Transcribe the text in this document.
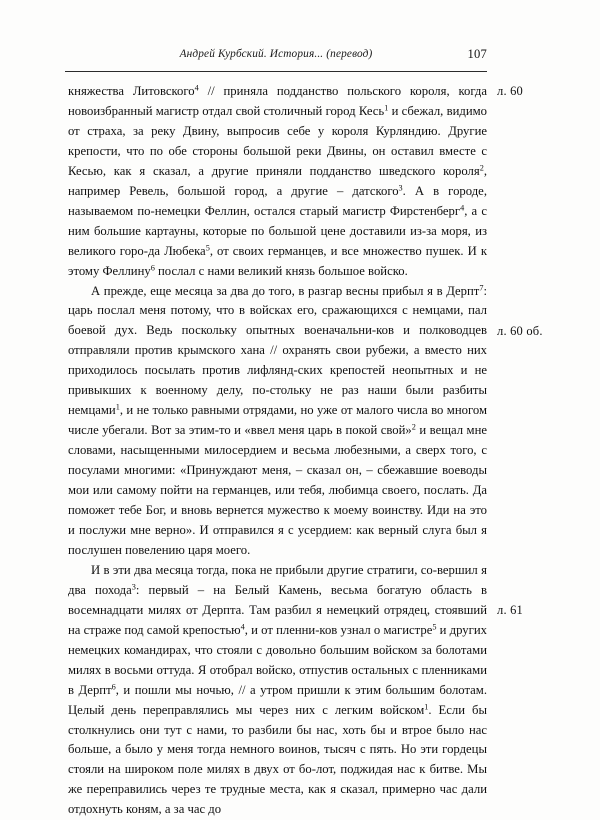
Андрей Курбский. История... (перевод)	107

княжества Литовского$^4$ // приняла подданство польского короля, когда новоизбранный магистр отдал свой столичный город Кесь$^1$ и сбежал, видимо от страха, за реку Двину, выпросив себе у короля Курляндию. Другие крепости, что по обе стороны большой реки Двины, он оставил вместе с Кесью, как я сказал, а другие приняли подданство шведского короля$^2$, например Ревель, большой город, а другие – датского$^3$. А в городе, называемом по-немецки Феллин, остался старый магистр Фирстенберг$^4$, а с ним большие картауны, которые по большой цене доставили из-за моря, из великого горо-да Любека$^5$, от своих германцев, и все множество пушек. И к этому Феллину$^6$ послал с нами великий князь большое войско.

А прежде, еще месяца за два до того, в разгар весны прибыл я в Дерпт$^7$: царь послал меня потому, что в войсках его, сражающихся с немцами, пал боевой дух. Ведь поскольку опытных военачальни-ков и полководцев отправляли против крымского хана // охранять свои рубежи, а вместо них приходилось посылать против лифлянд-ских крепостей неопытных и не привыкших к военному делу, по-стольку не раз наши были разбиты немцами$^1$, и не только равными отрядами, но уже от малого числа во многом числе убегали. Вот за этим-то и «ввел меня царь в покой свой»$^2$ и вещал мне словами, насыщенными милосердием и весьма любезными, а сверх того, с посулами многими: «Принуждают меня, – сказал он, – сбежавшие воеводы мои или самому пойти на германцев, или тебя, любимца своего, послать. Да поможет тебе Бог, и вновь вернется мужество к моему воинству. Иди на это и послужи мне верно». И отправился я с усердием: как верный слуга был я послушен повелению царя моего.

И в эти два месяца тогда, пока не прибыли другие стратиги, со-вершил я два похода$^3$: первый – на Белый Камень, весьма богатую область в восемнадцати милях от Дерпта. Там разбил я немецкий отрядец, стоявший на страже под самой крепостью$^4$, и от пленни-ков узнал о магистре$^5$ и других немецких командирах, что стояли с довольно большим войском за болотами милях в восьми оттуда. Я отобрал войско, отпустив остальных с пленниками в Дерпт$^6$, и пошли мы ночью, // а утром пришли к этим большим болотам. Целый день переправлялись мы через них с легким войском$^1$. Если бы столкнулись они тут с нами, то разбили бы нас, хоть бы и втрое было нас больше, а было у меня тогда немного воинов, тысяч с пять. Но эти гордецы стояли на широком поле милях в двух от бо-лот, поджидая нас к битве. Мы же переправились через те трудные места, как я сказал, примерно час дали отдохнуть коням, а за час до

л. 60
л. 60 об.
л. 61
